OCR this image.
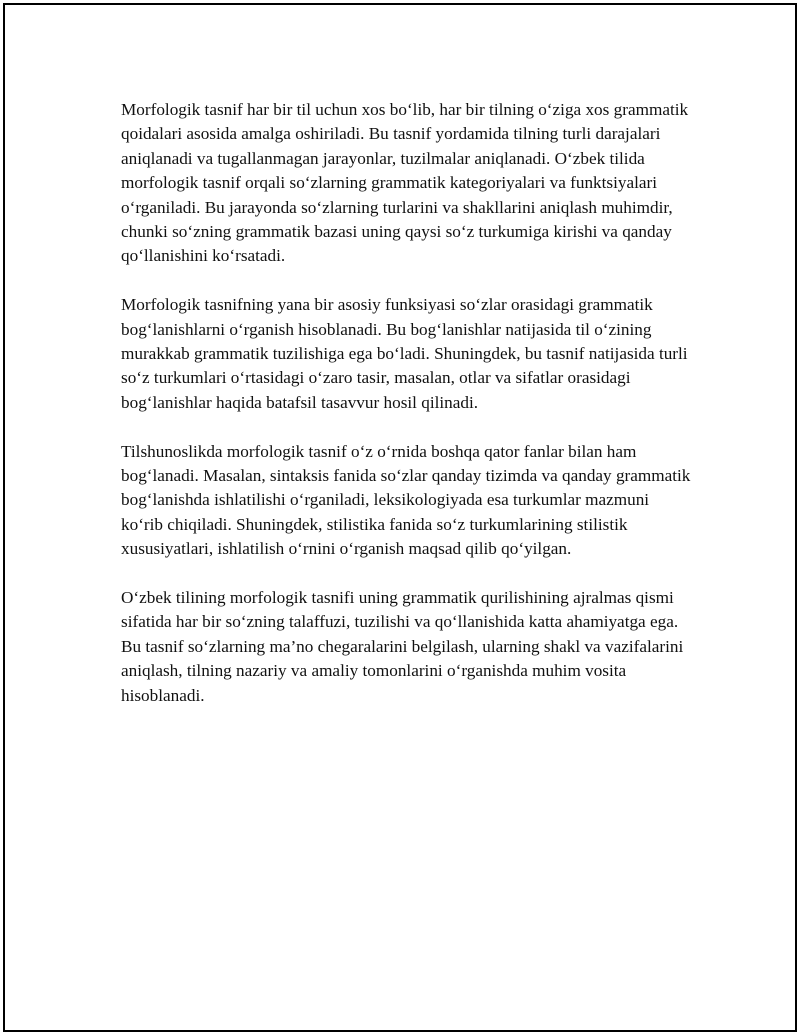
Morfologik tasnif har bir til uchun xos bo‘lib, har bir tilning o‘ziga xos grammatik qoidalari asosida amalga oshiriladi. Bu tasnif yordamida tilning turli darajalari aniqlanadi va tugallanmagan jarayonlar, tuzilmalar aniqlanadi. O‘zbek tilida morfologik tasnif orqali so‘zlarning grammatik kategoriyalari va funktsiyalari o‘rganiladi. Bu jarayonda so‘zlarning turlarini va shakllarini aniqlash muhimdir, chunki so‘zning grammatik bazasi uning qaysi so‘z turkumiga kirishi va qanday qo‘llanishini ko‘rsatadi.

Morfologik tasnifning yana bir asosiy funksiyasi so‘zlar orasidagi grammatik bog‘lanishlarni o‘rganish hisoblanadi. Bu bog‘lanishlar natijasida til o‘zining murakkab grammatik tuzilishiga ega bo‘ladi. Shuningdek, bu tasnif natijasida turli so‘z turkumlari o‘rtasidagi o‘zaro tasir, masalan, otlar va sifatlar orasidagi bog‘lanishlar haqida batafsil tasavvur hosil qilinadi.

Tilshunoslikda morfologik tasnif o‘z o‘rnida boshqa qator fanlar bilan ham bog‘lanadi. Masalan, sintaksis fanida so‘zlar qanday tizimda va qanday grammatik bog‘lanishda ishlatilishi o‘rganiladi, leksikologiyada esa turkumlar mazmuni ko‘rib chiqiladi. Shuningdek, stilistika fanida so‘z turkumlarining stilistik xususiyatlari, ishlatilish o‘rnini o‘rganish maqsad qilib qo‘yilgan.

O‘zbek tilining morfologik tasnifi uning grammatik qurilishining ajralmas qismi sifatida har bir so‘zning talaffuzi, tuzilishi va qo‘llanishida katta ahamiyatga ega. Bu tasnif so‘zlarning ma’no chegaralarini belgilash, ularning shakl va vazifalarini aniqlash, tilning nazariy va amaliy tomonlarini o‘rganishda muhim vosita hisoblanadi.
